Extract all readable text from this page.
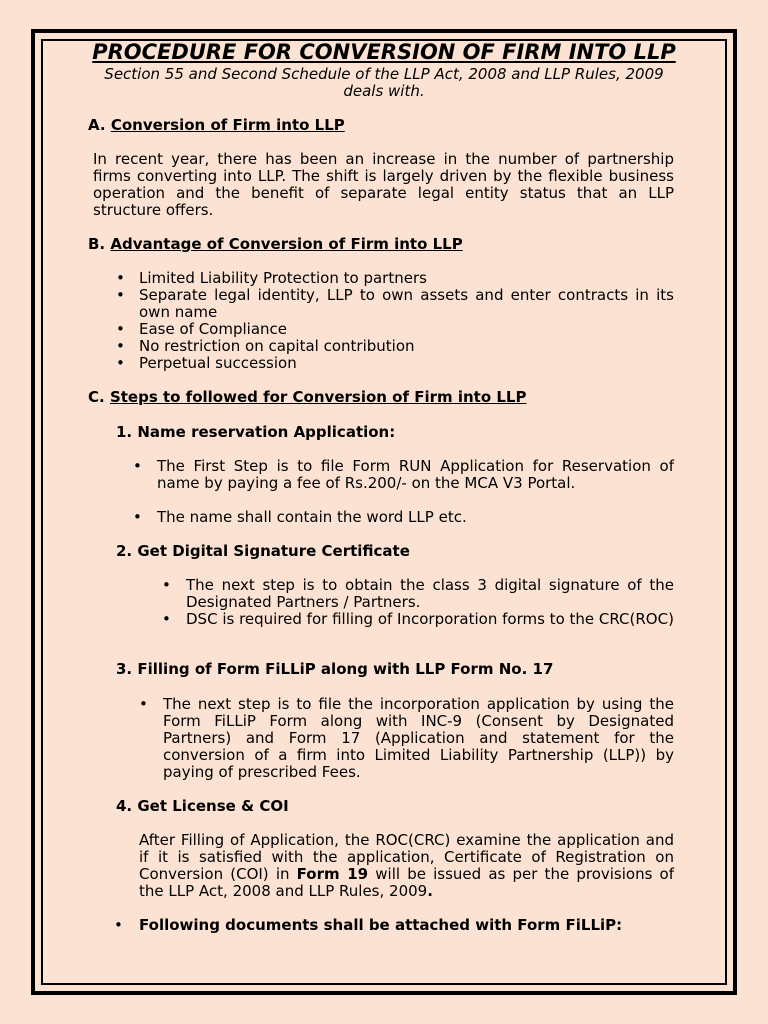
PROCEDURE FOR CONVERSION OF FIRM INTO LLP
Section 55 and Second Schedule of the LLP Act, 2008 and LLP Rules, 2009 deals with.
A. Conversion of Firm into LLP
In recent year, there has been an increase in the number of partnership firms converting into LLP. The shift is largely driven by the flexible business operation and the benefit of separate legal entity status that an LLP structure offers.
B. Advantage of Conversion of Firm into LLP
• Limited Liability Protection to partners
• Separate legal identity, LLP to own assets and enter contracts in its own name
• Ease of Compliance
• No restriction on capital contribution
• Perpetual succession
C. Steps to followed for Conversion of Firm into LLP
1. Name reservation Application:
• The First Step is to file Form RUN Application for Reservation of name by paying a fee of Rs.200/- on the MCA V3 Portal.
• The name shall contain the word LLP etc.
2. Get Digital Signature Certificate
• The next step is to obtain the class 3 digital signature of the Designated Partners / Partners.
• DSC is required for filling of Incorporation forms to the CRC(ROC)
3. Filling of Form FiLLiP along with LLP Form No. 17
• The next step is to file the incorporation application by using the Form FiLLiP Form along with INC-9 (Consent by Designated Partners) and Form 17 (Application and statement for the conversion of a firm into Limited Liability Partnership (LLP)) by paying of prescribed Fees.
4. Get License & COI
After Filling of Application, the ROC(CRC) examine the application and if it is satisfied with the application, Certificate of Registration on Conversion (COI) in Form 19 will be issued as per the provisions of the LLP Act, 2008 and LLP Rules, 2009.
• Following documents shall be attached with Form FiLLiP:
